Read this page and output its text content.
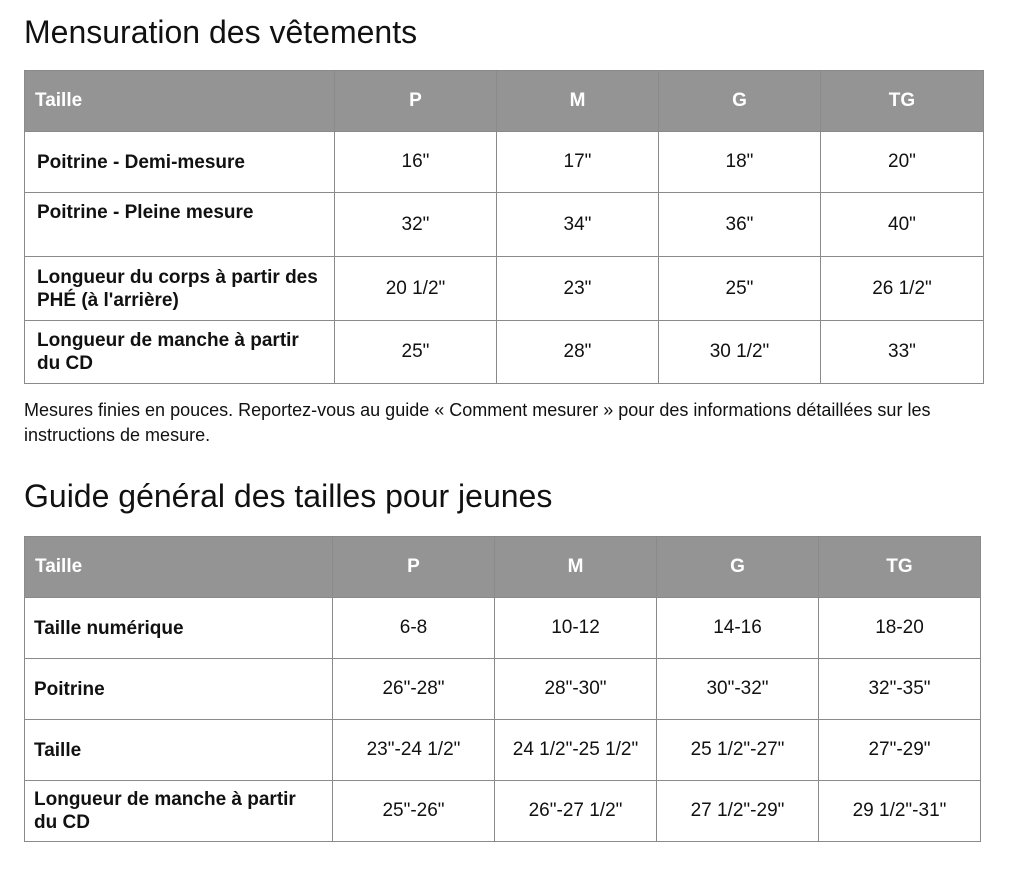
Mensuration des vêtements
Taille	P	M	G	TG
Poitrine - Demi-mesure	16"	17"	18"	20"
Poitrine - Pleine mesure	32"	34"	36"	40"
Longueur du corps à partir des PHÉ (à l'arrière)	20 1/2"	23"	25"	26 1/2"
Longueur de manche à partir du CD	25"	28"	30 1/2"	33"

Mesures finies en pouces. Reportez-vous au guide « Comment mesurer » pour des informations détaillées sur les instructions de mesure.

Guide général des tailles pour jeunes
Taille	P	M	G	TG
Taille numérique	6-8	10-12	14-16	18-20
Poitrine	26"-28"	28"-30"	30"-32"	32"-35"
Taille	23"-24 1/2"	24 1/2"-25 1/2"	25 1/2"-27"	27"-29"
Longueur de manche à partir du CD	25"-26"	26"-27 1/2"	27 1/2"-29"	29 1/2"-31"
